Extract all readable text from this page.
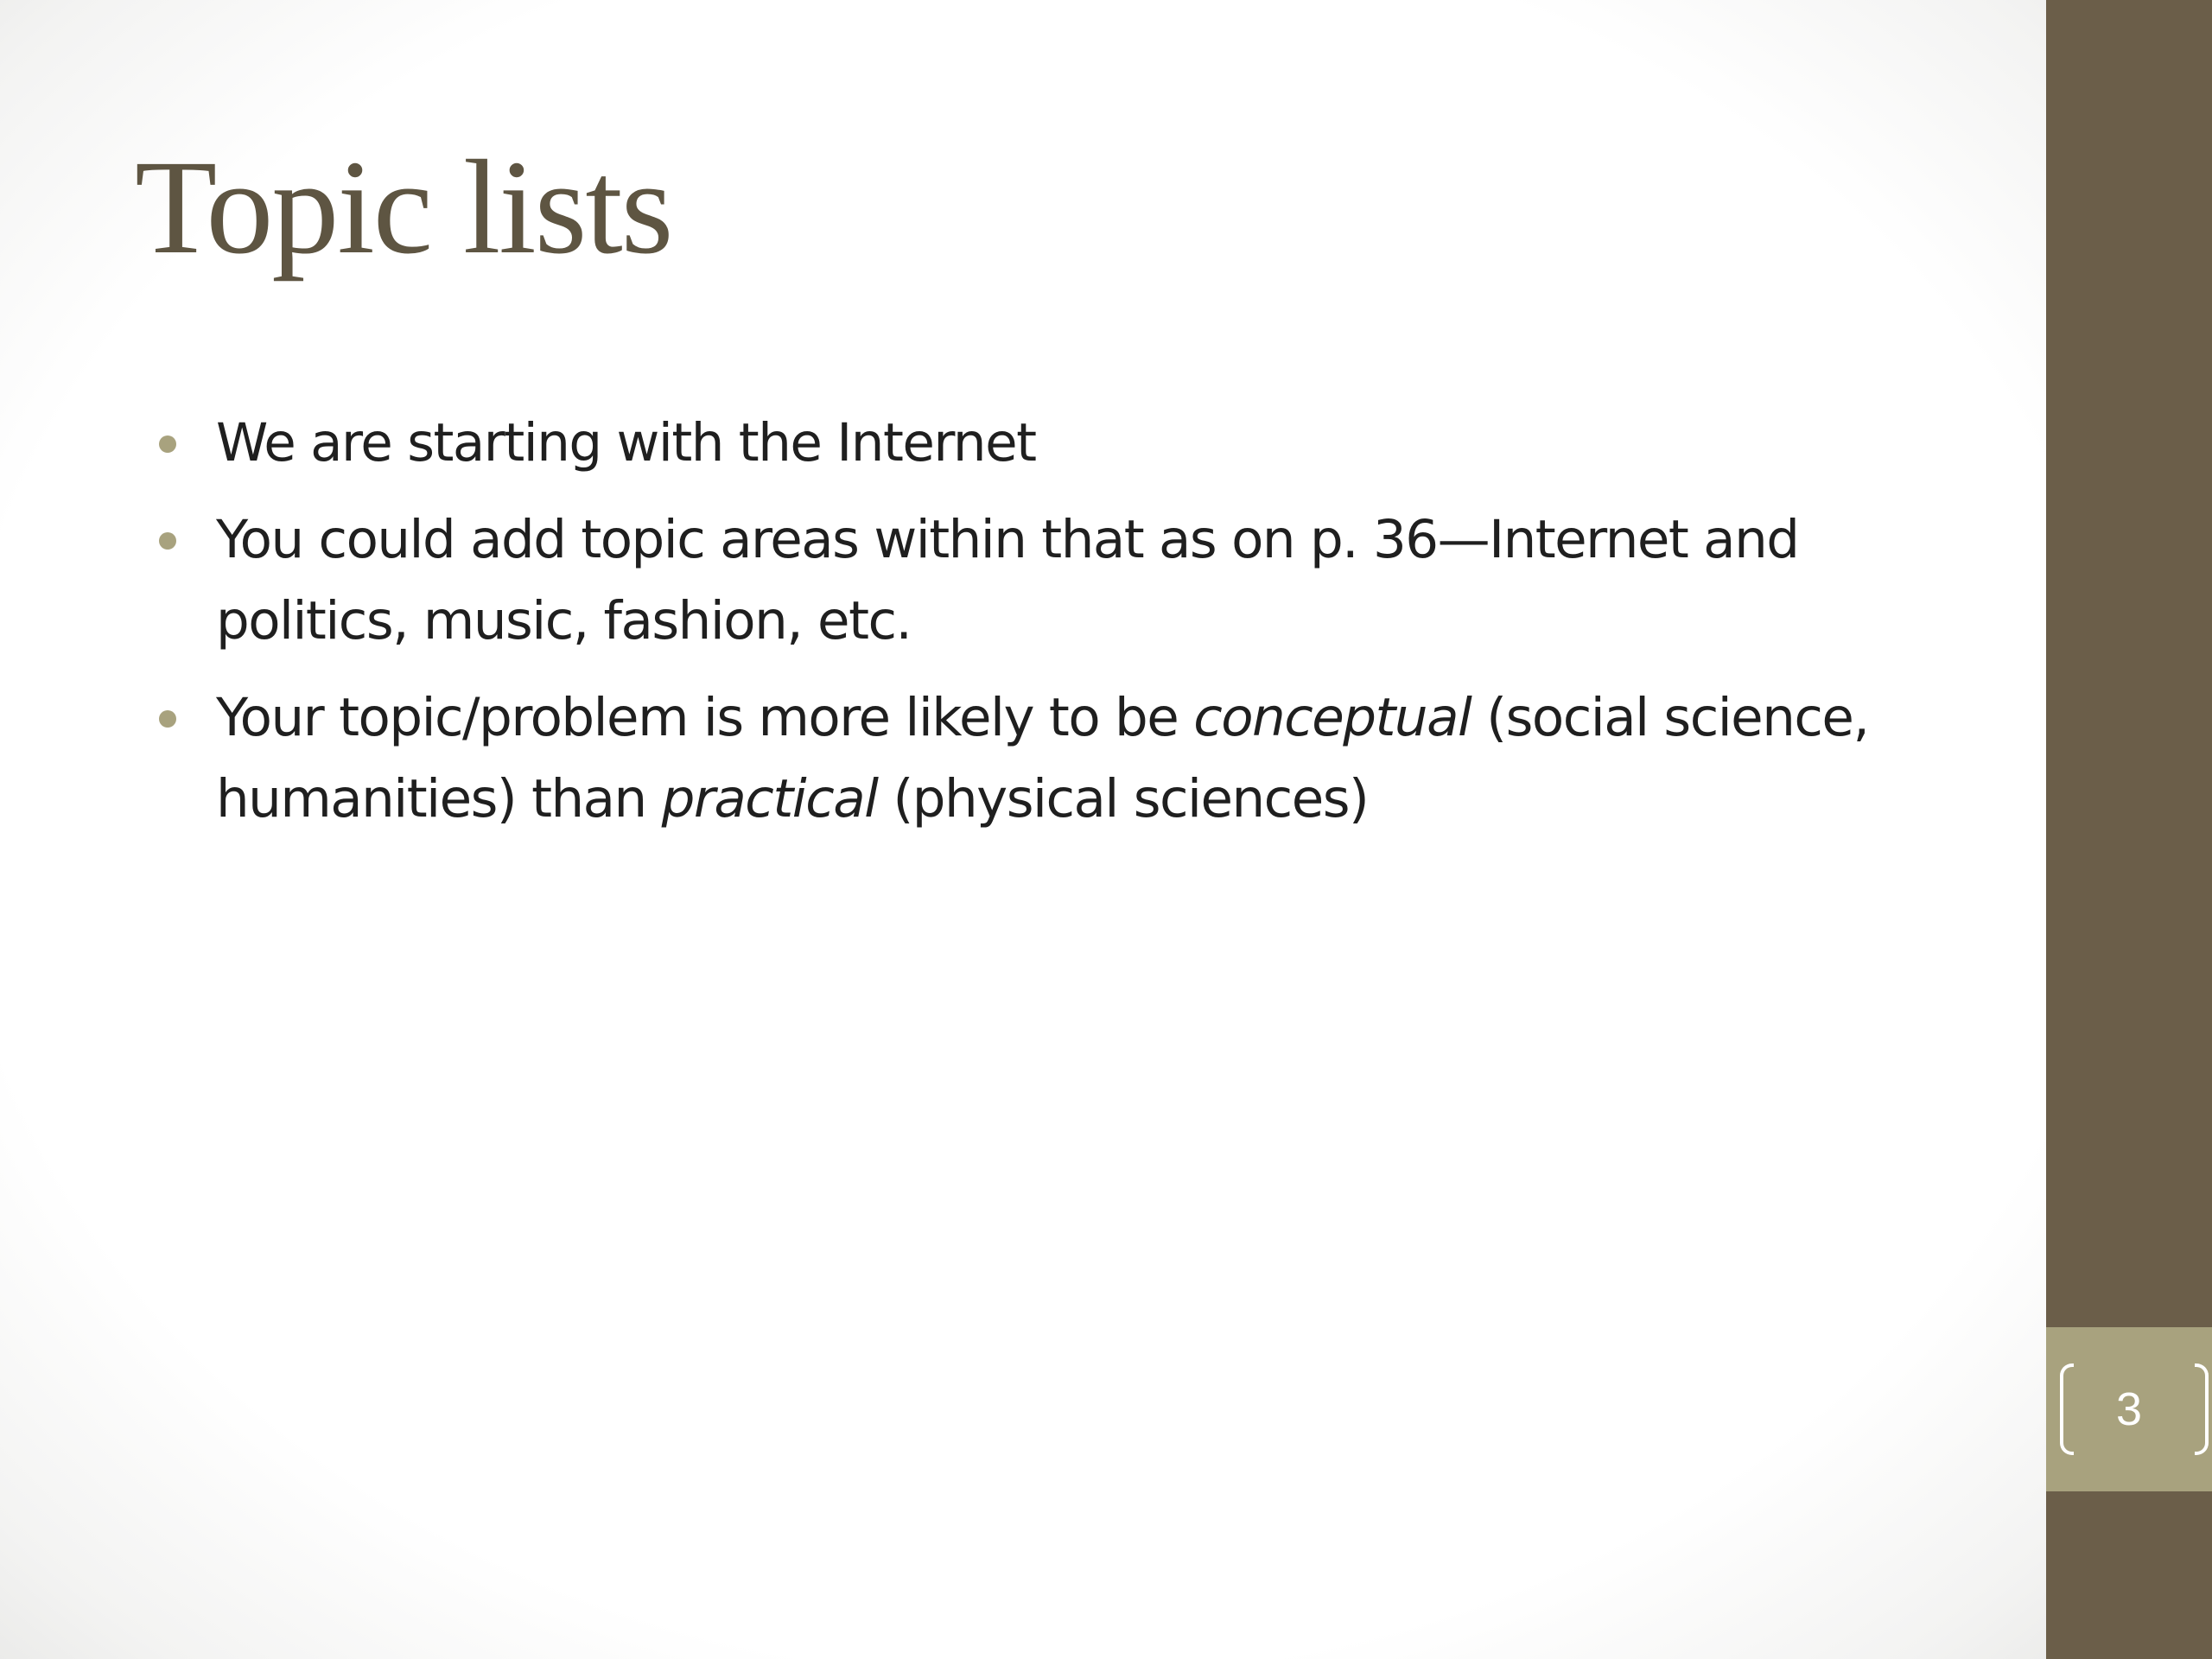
Topic lists
We are starting with the Internet
You could add topic areas within that as on p. 36—Internet and politics, music, fashion, etc.
Your topic/problem is more likely to be conceptual (social science, humanities) than practical (physical sciences)
3
